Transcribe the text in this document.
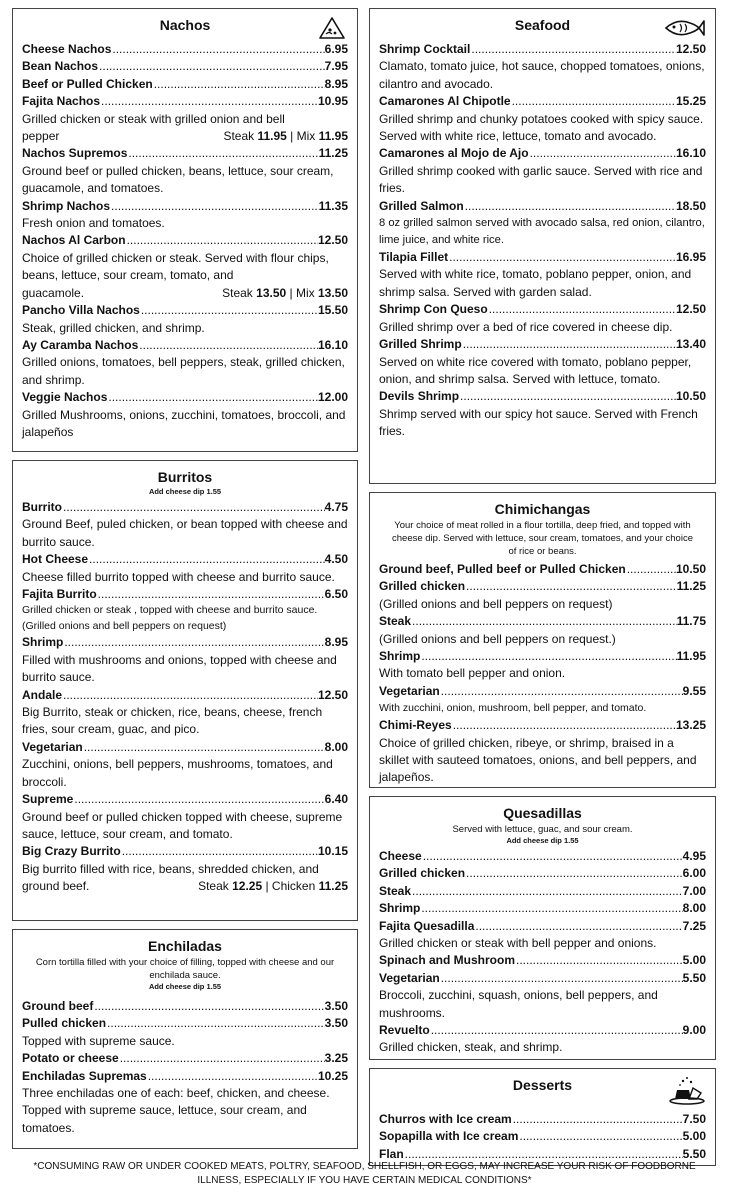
Nachos
Cheese Nachos .....	6.95
Bean Nachos .....	7.95
Beef or Pulled Chicken .....	8.95
Fajita Nachos .....	10.95
Grilled chicken or steak with grilled onion and bell
pepper	Steak 11.95 | Mix 11.95
Nachos Supremos .....	11.25
Ground beef or pulled chicken, beans, lettuce, sour cream, guacamole, and tomatoes.
Shrimp Nachos .....	11.35
Fresh onion and tomatoes.
Nachos Al Carbon .....	12.50
Choice of grilled chicken or steak. Served with flour chips, beans, lettuce, sour cream, tomato, and
guacamole.	Steak 13.50 | Mix 13.50
Pancho Villa Nachos .....	15.50
Steak, grilled chicken, and shrimp.
Ay Caramba Nachos .....	16.10
Grilled onions, tomatoes, bell peppers, steak, grilled chicken, and shrimp.
Veggie Nachos .....	12.00
Grilled Mushrooms, onions, zucchini, tomatoes, broccoli, and jalapeños
Burritos
Add cheese dip 1.55
Burrito .....	4.75
Ground Beef, puled chicken, or bean topped with cheese and burrito sauce.
Hot Cheese .....	4.50
Cheese filled burrito topped with cheese and burrito sauce.
Fajita Burrito .....	6.50
Grilled chicken or steak , topped with cheese and burrito sauce. (Grilled onions and bell peppers on request)
Shrimp .....	8.95
Filled with mushrooms and onions, topped with cheese and burrito sauce.
Andale .....	12.50
Big Burrito, steak or chicken, rice, beans, cheese, french fries, sour cream, guac, and pico.
Vegetarian .....	8.00
Zucchini, onions, bell peppers, mushrooms, tomatoes, and broccoli.
Supreme .....	6.40
Ground beef or pulled chicken topped with cheese, supreme sauce, lettuce, sour cream, and tomato.
Big Crazy Burrito .....	10.15
Big burrito filled with rice, beans, shredded chicken, and
ground beef.	Steak 12.25 | Chicken 11.25
Enchiladas
Corn tortilla filled with your choice of filling, topped with cheese and our enchilada sauce.
Add cheese dip 1.55
Ground beef .....	3.50
Pulled chicken .....	3.50
Topped with supreme sauce.
Potato or cheese .....	3.25
Enchiladas Supremas .....	10.25
Three enchiladas one of each: beef, chicken, and cheese. Topped with supreme sauce, lettuce, sour cream, and tomatoes.
Seafood
Shrimp Cocktail .....	12.50
Clamato, tomato juice, hot sauce, chopped tomatoes, onions, cilantro and avocado.
Camarones Al Chipotle .....	15.25
Grilled shrimp and chunky potatoes cooked with spicy sauce. Served with white rice, lettuce, tomato and avocado.
Camarones al Mojo de Ajo .....	16.10
Grilled shrimp cooked with garlic sauce. Served with rice and fries.
Grilled Salmon .....	18.50
8 oz grilled salmon served with avocado salsa, red onion, cilantro, lime juice, and white rice.
Tilapia Fillet .....	16.95
Served with white rice, tomato, poblano pepper, onion, and shrimp salsa. Served with garden salad.
Shrimp Con Queso .....	12.50
Grilled shrimp over a bed of rice covered in cheese dip.
Grilled Shrimp .....	13.40
Served on white rice covered with tomato, poblano pepper, onion, and shrimp salsa. Served with lettuce, tomato.
Devils Shrimp .....	10.50
Shrimp served with our spicy hot sauce. Served with French fries.
Chimichangas
Your choice of meat rolled in a flour tortilla, deep fried, and topped with cheese dip. Served with lettuce, sour cream, tomatoes, and your choice of rice or beans.
Ground beef, Pulled beef or Pulled Chicken .....	10.50
Grilled chicken .....	11.25
(Grilled onions and bell peppers on request)
Steak .....	11.75
(Grilled onions and bell peppers on request.)
Shrimp .....	11.95
With tomato bell pepper and onion.
Vegetarian .....	9.55
With zucchini, onion, mushroom, bell pepper, and tomato.
Chimi-Reyes .....	13.25
Choice of grilled chicken, ribeye, or shrimp, braised in a skillet with sauteed tomatoes, onions, and bell peppers, and jalapeños.
Quesadillas
Served with lettuce, guac, and sour cream.
Add cheese dip 1.55
Cheese .....	4.95
Grilled chicken .....	6.00
Steak .....	7.00
Shrimp .....	8.00
Fajita Quesadilla .....	7.25
Grilled chicken or steak with bell pepper and onions.
Spinach and Mushroom .....	5.00
Vegetarian .....	5.50
Broccoli, zucchini, squash, onions, bell peppers, and mushrooms.
Revuelto .....	9.00
Grilled chicken, steak, and shrimp.
Desserts
Churros with Ice cream .....	7.50
Sopapilla with Ice cream .....	5.00
Flan .....	5.50
*CONSUMING RAW OR UNDER COOKED MEATS, POLTRY, SEAFOOD, SHELLFISH, OR EGGS, MAY INCREASE YOUR RISK OF FOODBORNE
ILLNESS, ESPECIALLY IF YOU HAVE CERTAIN MEDICAL CONDITIONS*
